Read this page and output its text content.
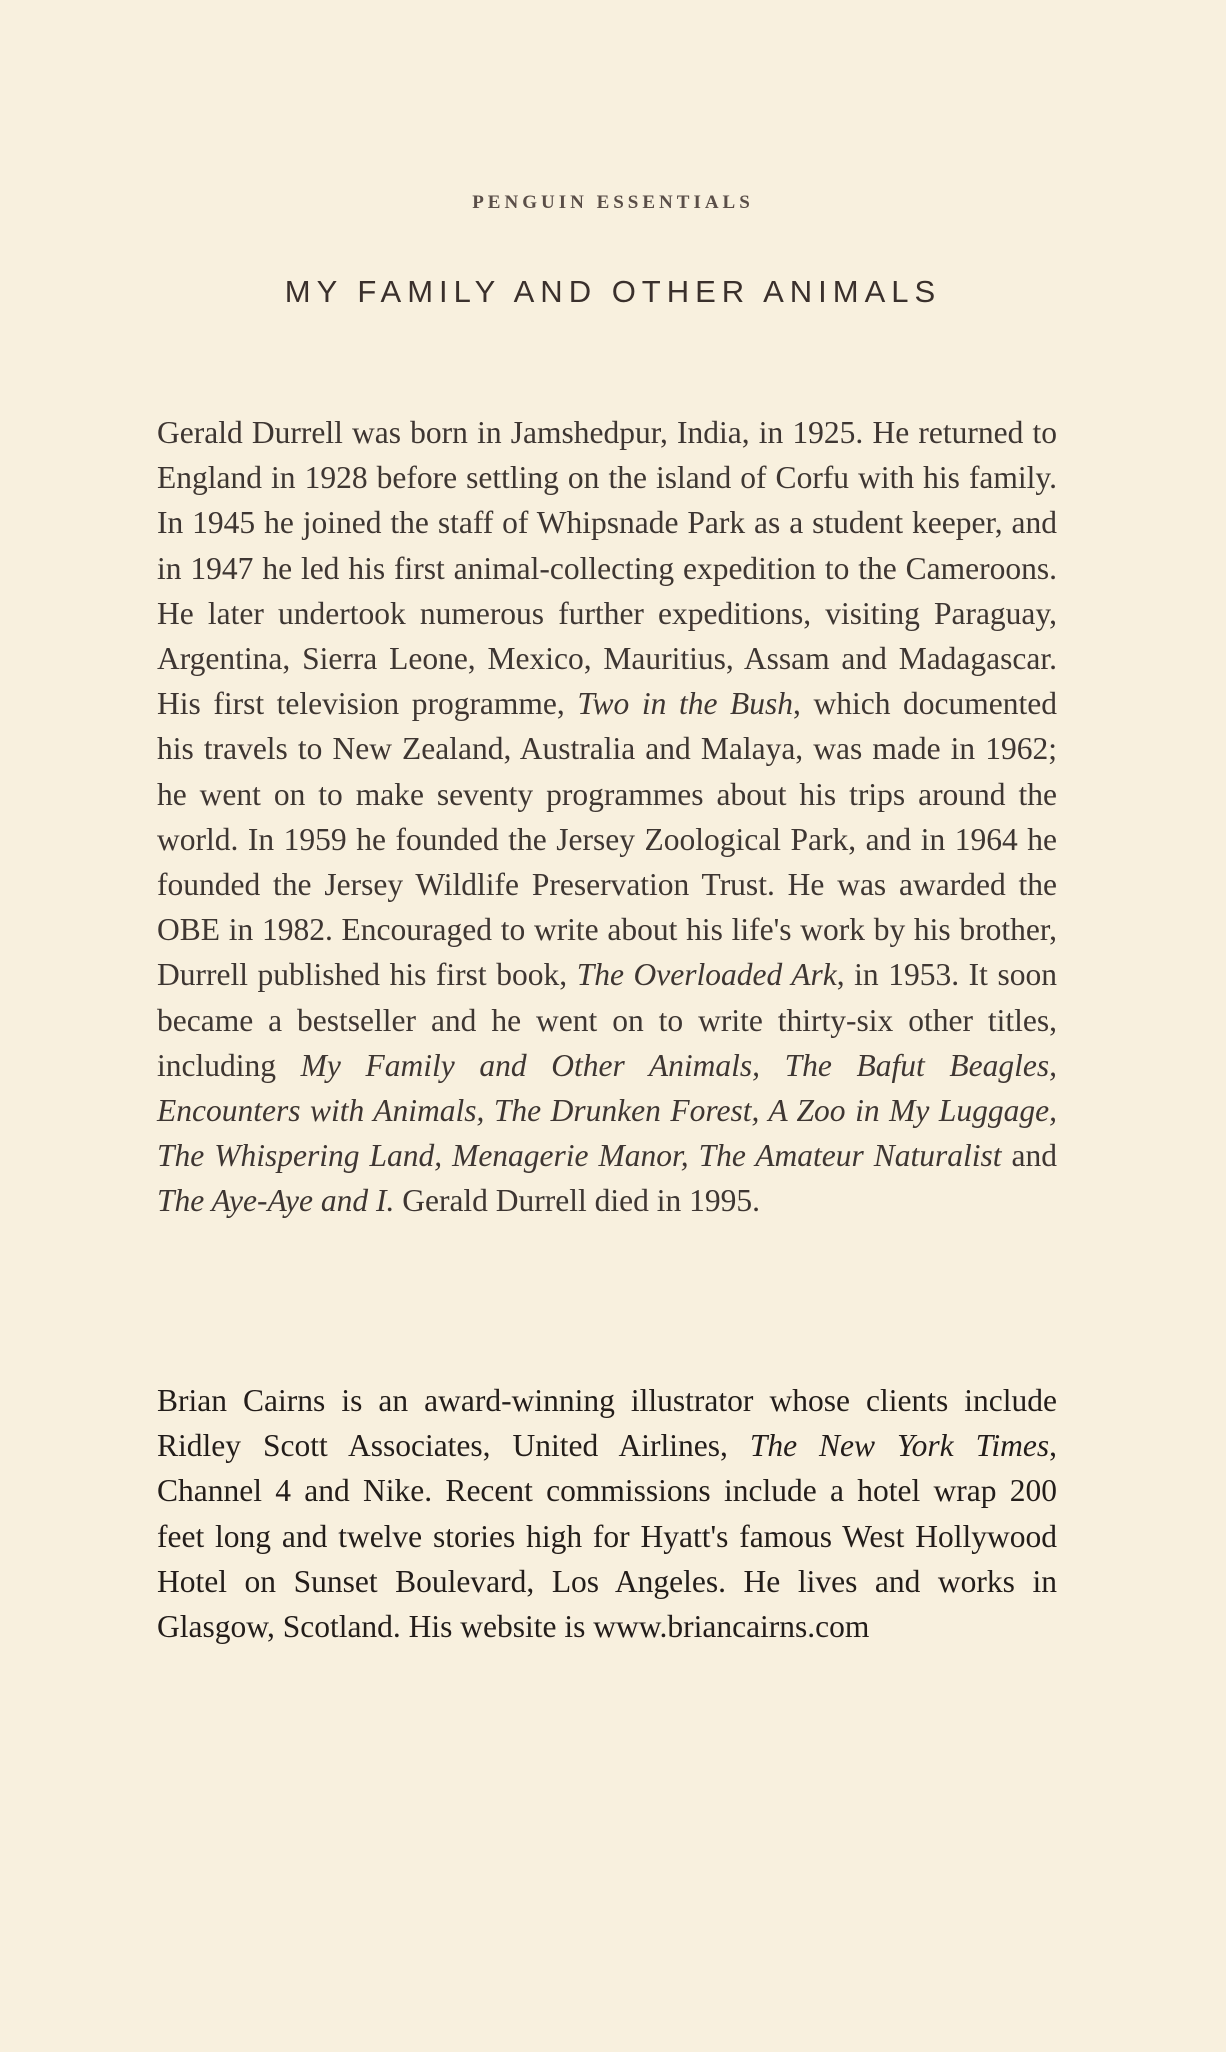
PENGUIN ESSENTIALS
MY FAMILY AND OTHER ANIMALS

Gerald Durrell was born in Jamshedpur, India, in 1925. He returned to England in 1928 before settling on the island of Corfu with his family. In 1945 he joined the staff of Whipsnade Park as a student keeper, and in 1947 he led his first animal-collecting expedition to the Cameroons. He later undertook numerous further expeditions, visiting Paraguay, Argentina, Sierra Leone, Mexico, Mauritius, Assam and Madagascar. His first television programme, Two in the Bush, which documented his travels to New Zealand, Australia and Malaya, was made in 1962; he went on to make seventy programmes about his trips around the world. In 1959 he founded the Jersey Zoological Park, and in 1964 he founded the Jersey Wildlife Preservation Trust. He was awarded the OBE in 1982. Encouraged to write about his life's work by his brother, Durrell published his first book, The Overloaded Ark, in 1953. It soon became a bestseller and he went on to write thirty-six other titles, including My Family and Other Animals, The Bafut Beagles, Encounters with Animals, The Drunken Forest, A Zoo in My Luggage, The Whispering Land, Menagerie Manor, The Amateur Naturalist and The Aye-Aye and I. Gerald Durrell died in 1995.

Brian Cairns is an award-winning illustrator whose clients include Ridley Scott Associates, United Airlines, The New York Times, Channel 4 and Nike. Recent commissions include a hotel wrap 200 feet long and twelve stories high for Hyatt's famous West Hollywood Hotel on Sunset Boulevard, Los Angeles. He lives and works in Glasgow, Scotland. His website is www.briancairns.com
